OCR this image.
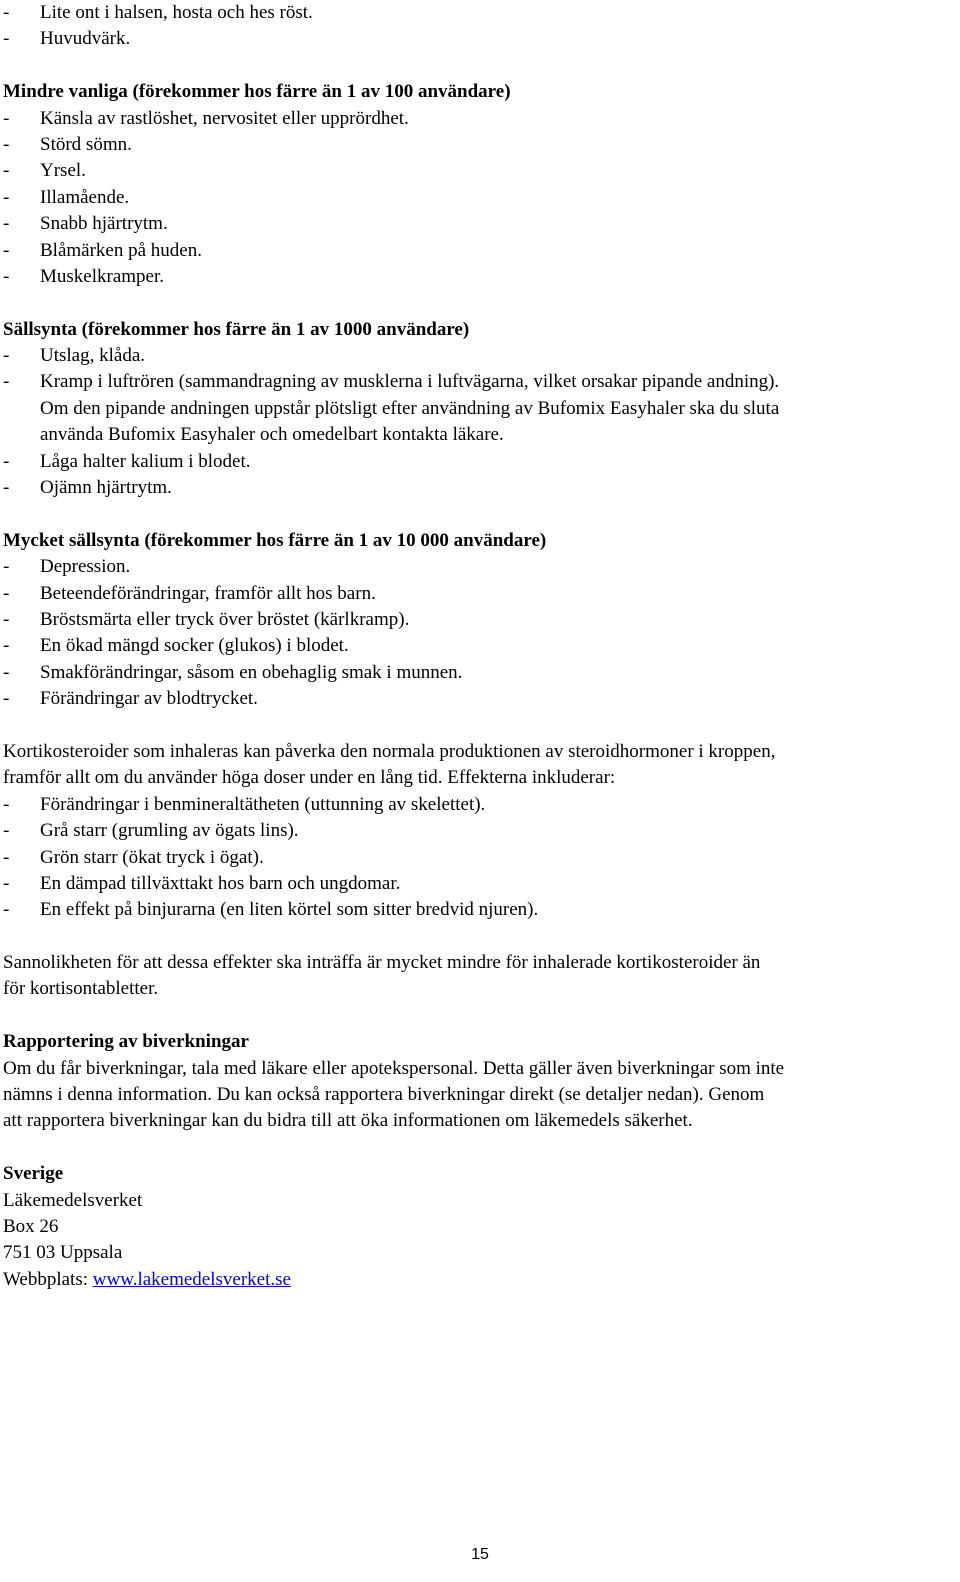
- Lite ont i halsen, hosta och hes röst.
- Huvudvärk.
Mindre vanliga (förekommer hos färre än 1 av 100 användare)
- Känsla av rastlöshet, nervositet eller upprördhet.
- Störd sömn.
- Yrsel.
- Illamående.
- Snabb hjärtrytm.
- Blåmärken på huden.
- Muskelkramper.
Sällsynta (förekommer hos färre än 1 av 1000 användare)
- Utslag, klåda.
- Kramp i luftrören (sammandragning av musklerna i luftvägarna, vilket orsakar pipande andning).
Om den pipande andningen uppstår plötsligt efter användning av Bufomix Easyhaler ska du sluta
använda Bufomix Easyhaler och omedelbart kontakta läkare.
- Låga halter kalium i blodet.
- Ojämn hjärtrytm.
Mycket sällsynta (förekommer hos färre än 1 av 10 000 användare)
- Depression.
- Beteendeförändringar, framför allt hos barn.
- Bröstsmärta eller tryck över bröstet (kärlkramp).
- En ökad mängd socker (glukos) i blodet.
- Smakförändringar, såsom en obehaglig smak i munnen.
- Förändringar av blodtrycket.
Kortikosteroider som inhaleras kan påverka den normala produktionen av steroidhormoner i kroppen,
framför allt om du använder höga doser under en lång tid. Effekterna inkluderar:
- Förändringar i benmineraltätheten (uttunning av skelettet).
- Grå starr (grumling av ögats lins).
- Grön starr (ökat tryck i ögat).
- En dämpad tillväxttakt hos barn och ungdomar.
- En effekt på binjurarna (en liten körtel som sitter bredvid njuren).
Sannolikheten för att dessa effekter ska inträffa är mycket mindre för inhalerade kortikosteroider än
för kortisontabletter.
Rapportering av biverkningar
Om du får biverkningar, tala med läkare eller apotekspersonal. Detta gäller även biverkningar som inte
nämns i denna information. Du kan också rapportera biverkningar direkt (se detaljer nedan). Genom
att rapportera biverkningar kan du bidra till att öka informationen om läkemedels säkerhet.
Sverige
Läkemedelsverket
Box 26
751 03 Uppsala
Webbplats: www.lakemedelsverket.se
15
